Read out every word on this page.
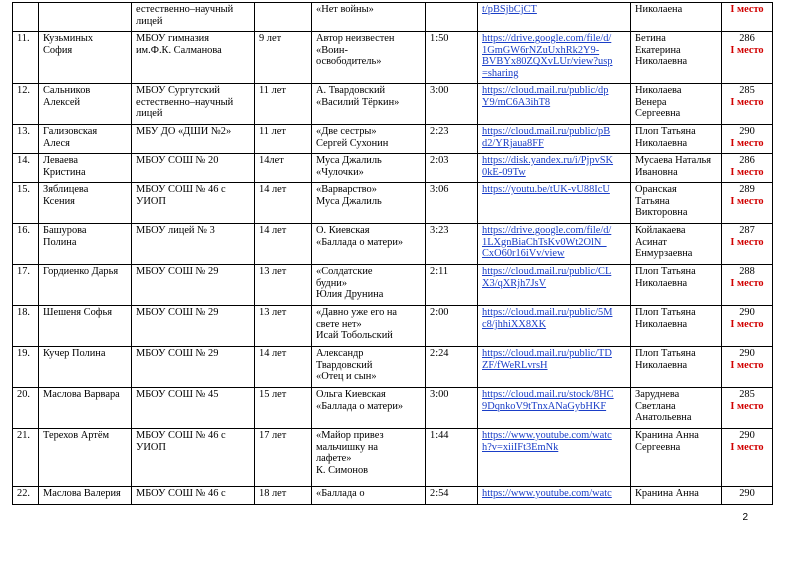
		естественно–научный
лицей		«Нет войны»		t/pBSjbCjCT	Николаена	I место

11.	Кузьминых
София	МБОУ гимназия
им.Ф.К. Салманова	9 лет	Автор неизвестен
«Воин-
освободитель»	1:50	https://drive.google.com/file/d/
1GmGW6rNZuUxhRk2Y9-
BVBYx80ZQXvLUr/view?usp
=sharing	Бетина
Екатерина
Николаевна	286
I место

12.	Сальников
Алексей	МБОУ Сургутский
естественно–научный
лицей	11 лет	А. Твардовский
«Василий Тёркин»	3:00	https://cloud.mail.ru/public/dp
Y9/mC6A3ihT8	Николаева
Венера
Сергеевна	285
I место

13.	Гализовская
Алеся	МБУ ДО «ДШИ №2»	11 лет	«Две сестры»
Сергей Сухонин	2:23	https://cloud.mail.ru/public/pB
d2/YRjaua8FF	Плоп Татьяна
Николаевна	290
I место

14.	Леваева
Кристина	МБОУ СОШ № 20	14лет	Муса Джалиль
«Чулочки»	2:03	https://disk.yandex.ru/i/PjpvSK
0kE-09Tw	Мусаева Наталья
Ивановна	286
I место

15.	Зяблицева
Ксения	МБОУ СОШ № 46 с
УИОП	14 лет	«Варварство»
Муса Джалиль	3:06	https://youtu.be/tUK-vU88IcU	Оранская
Татьяна
Викторовна	289
I место

16.	Башурова
Полина	МБОУ лицей № 3	14 лет	О. Киевская
«Баллада о матери»	3:23	https://drive.google.com/file/d/
1LXgnBiaChTsKv0Wt2OlN_
CxO60r16iVv/view	Койлакаева
Асинат
Енмурзаевна	287
I место

17.	Гордиенко Дарья	МБОУ СОШ № 29	13 лет	«Солдатские
будни»
Юлия Друнина	2:11	https://cloud.mail.ru/public/CL
X3/qXRjh7JsV	Плоп Татьяна
Николаевна	288
I место

18.	Шешеня Софья	МБОУ СОШ № 29	13 лет	«Давно уже его на
свете нет»
Исай Тобольский	2:00	https://cloud.mail.ru/public/5M
c8/jhhiXX8XK	Плоп Татьяна
Николаевна	290
I место

19.	Кучер Полина	МБОУ СОШ № 29	14 лет	Александр
Твардовский
«Отец и сын»	2:24	https://cloud.mail.ru/public/TD
ZF/fWeRLvrsH	Плоп Татьяна
Николаевна	290
I место

20.	Маслова Варвара	МБОУ СОШ № 45	15 лет	Ольга Киевская
«Баллада о матери»	3:00	https://cloud.mail.ru/stock/8HC
9DqnkoV9tTnxANaGybHKF	Заруднева
Светлана
Анатольевна	285
I место

21.	Терехов Артём	МБОУ СОШ № 46 с
УИОП	17 лет	«Майор привез
мальчишку на
лафете»
К. Симонов	1:44	https://www.youtube.com/watc
h?v=xiiIFt3EmNk	Кранина Анна
Сергеевна	290
I место

22.	Маслова Валерия	МБОУ СОШ № 46 с	18 лет	«Баллада о	2:54	https://www.youtube.com/watc	Кранина Анна	290
2
